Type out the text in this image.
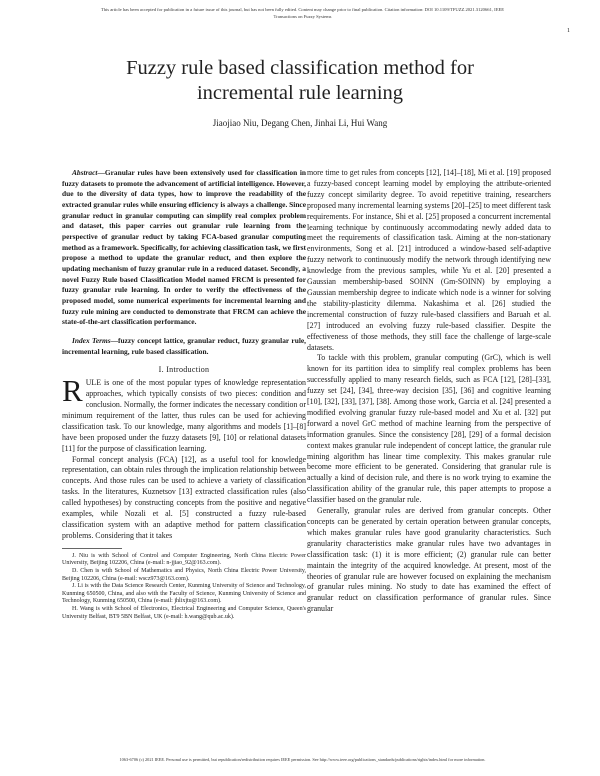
This article has been accepted for publication in a future issue of this journal, but has not been fully edited. Content may change prior to final publication. Citation information: DOI 10.1109/TFUZZ.2021.3120661, IEEE
Transactions on Fuzzy Systems
1
Fuzzy rule based classification method for
incremental rule learning
Jiaojiao Niu, Degang Chen, Jinhai Li, Hui Wang

Abstract—Granular rules have been extensively used for classification in fuzzy datasets to promote the advancement of artificial intelligence. However, due to the diversity of data types, how to improve the readability of the extracted granular rules while ensuring efficiency is always a challenge. Since granular reduct in granular computing can simplify real complex problem and dataset, this paper carries out granular rule learning from the perspective of granular reduct by taking FCA-based granular computing method as a framework. Specifically, for achieving classification task, we first propose a method to update the granular reduct, and then explore the updating mechanism of fuzzy granular rule in a reduced dataset. Secondly, a novel Fuzzy Rule based Classification Model named FRCM is presented for fuzzy granular rule learning. In order to verify the effectiveness of the proposed model, some numerical experiments for incremental learning and fuzzy rule mining are conducted to demonstrate that FRCM can achieve the state-of-the-art classification performance.

Index Terms—fuzzy concept lattice, granular reduct, fuzzy granular rule, incremental learning, rule based classification.

I. Introduction

RULE is one of the most popular types of knowledge representation approaches, which typically consists of two pieces: condition and conclusion. Normally, the former indicates the necessary condition or minimum requirement of the latter, thus rules can be used for achieving classification task. To our knowledge, many algorithms and models [1]–[8] have been proposed under the fuzzy datasets [9], [10] or relational datasets [11] for the purpose of classification learning.

Formal concept analysis (FCA) [12], as a useful tool for knowledge representation, can obtain rules through the implication relationship between concepts. And those rules can be used to achieve a variety of classification tasks. In the literatures, Kuznetsov [13] extracted classification rules (also called hypotheses) by constructing concepts from the positive and negative examples, while Nozali et al. [5] constructed a fuzzy rule-based classification system with an adaptive method for pattern classification problems. Considering that it takes

J. Niu is with School of Control and Computer Engineering, North China Electric Power University, Beijing 102206, China (e-mail: n-jjiao_92@163.com).

D. Chen is with School of Mathematics and Physics, North China Electric Power University, Beijing 102206, China (e-mail: wscz973@163.com).

J. Li is with the Data Science Research Center, Kunming University of Science and Technology, Kunming 650500, China, and also with the Faculty of Science, Kunming University of Science and Technology, Kunming 650500, China (e-mail: jhlixjtu@163.com).

H. Wang is with School of Electronics, Electrical Engineering and Computer Science, Queen's University Belfast, BT9 5BN Belfast, UK (e-mail: h.wang@qub.ac.uk).

more time to get rules from concepts [12], [14]–[18], Mi et al. [19] proposed a fuzzy-based concept learning model by employing the attribute-oriented fuzzy concept similarity degree. To avoid repetitive training, researchers proposed many incremental learning systems [20]–[25] to meet different task requirements. For instance, Shi et al. [25] proposed a concurrent incremental learning technique by continuously accommodating newly added data to meet the requirements of classification task. Aiming at the non-stationary environments, Song et al. [21] introduced a window-based self-adaptive fuzzy network to continuously modify the network through identifying new knowledge from the previous samples, while Yu et al. [20] presented a Gaussian membership-based SOINN (Gm-SOINN) by employing a Gaussian membership degree to indicate which node is a winner for solving the stability-plasticity dilemma. Nakashima et al. [26] studied the incremental construction of fuzzy rule-based classifiers and Baruah et al. [27] introduced an evolving fuzzy rule-based classifier. Despite the effectiveness of those methods, they still face the challenge of large-scale datasets.

To tackle with this problem, granular computing (GrC), which is well known for its partition idea to simplify real complex problems has been successfully applied to many research fields, such as FCA [12], [28]–[33], fuzzy set [24], [34], three-way decision [35], [36] and cognitive learning [10], [32], [33], [37], [38]. Among those work, Garcia et al. [24] presented a modified evolving granular fuzzy rule-based model and Xu et al. [32] put forward a novel GrC method of machine learning from the perspective of information granules. Since the consistency [28], [29] of a formal decision context makes granular rule independent of concept lattice, the granular rule mining algorithm has linear time complexity. This makes granular rule become more efficient to be generated. Considering that granular rule is actually a kind of decision rule, and there is no work trying to examine the classification ability of the granular rule, this paper attempts to propose a classifier based on the granular rule.

Generally, granular rules are derived from granular concepts. Other concepts can be generated by certain operation between granular concepts, which makes granular rules have good granularity characteristics. Such granularity characteristics make granular rules have two advantages in classification task: (1) it is more efficient; (2) granular rule can better maintain the integrity of the acquired knowledge. At present, most of the theories of granular rule are however focused on explaining the mechanism of granular rules mining. No study to date has examined the effect of granular reduct on classification performance of granular rules. Since granular

1063-6706 (c) 2021 IEEE. Personal use is permitted, but republication/redistribution requires IEEE permission. See http://www.ieee.org/publications_standards/publications/rights/index.html for more information.
